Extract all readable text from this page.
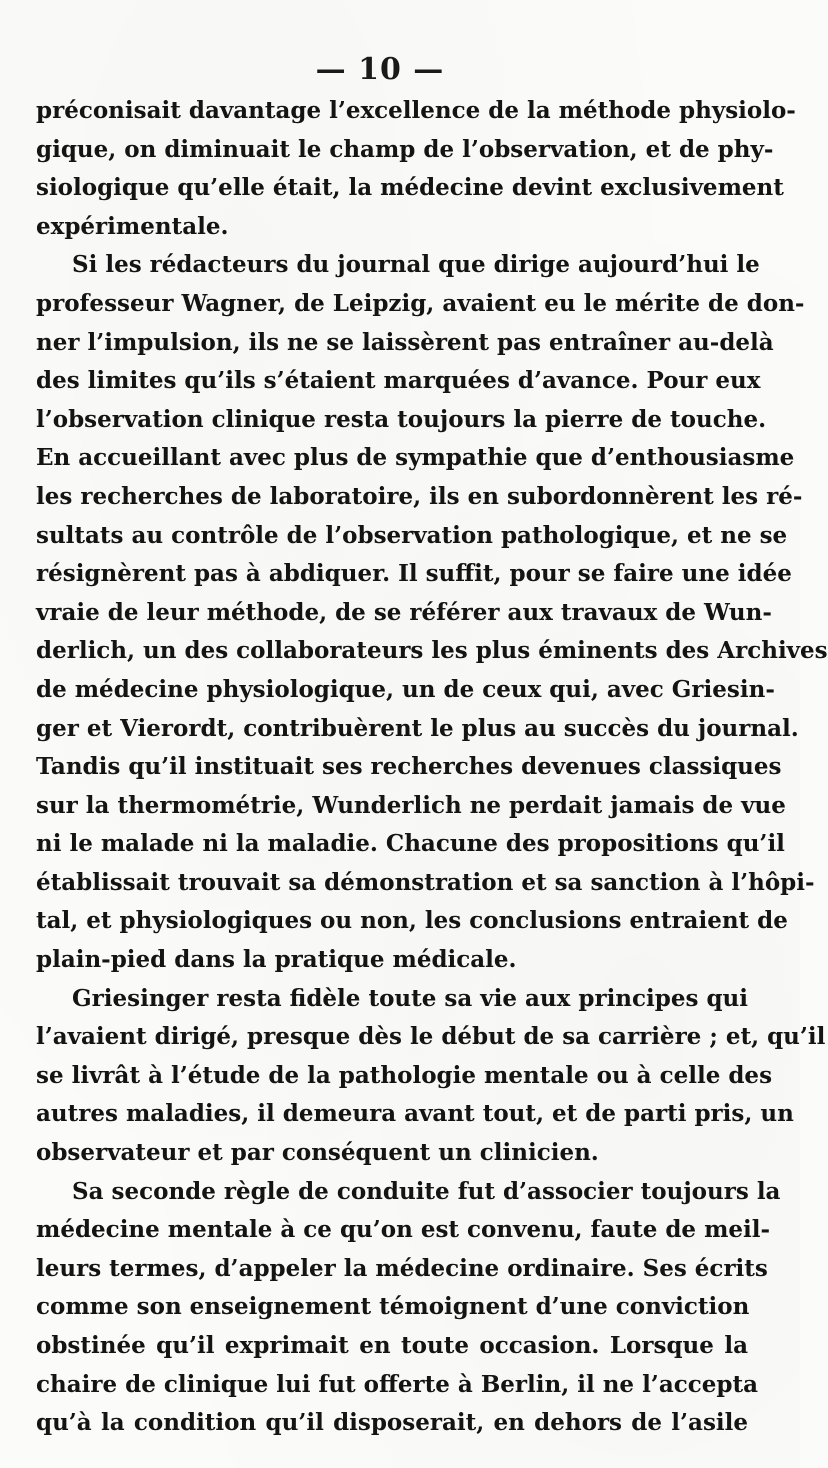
— 10 —
préconisait davantage l’excellence de la méthode physiolo-
gique, on diminuait le champ de l’observation, et de phy-
siologique qu’elle était, la médecine devint exclusivement
expérimentale.
Si les rédacteurs du journal que dirige aujourd’hui le
professeur Wagner, de Leipzig, avaient eu le mérite de don-
ner l’impulsion, ils ne se laissèrent pas entraîner au-delà
des limites qu’ils s’étaient marquées d’avance. Pour eux
l’observation clinique resta toujours la pierre de touche.
En accueillant avec plus de sympathie que d’enthousiasme
les recherches de laboratoire, ils en subordonnèrent les ré-
sultats au contrôle de l’observation pathologique, et ne se
résignèrent pas à abdiquer. Il suffit, pour se faire une idée
vraie de leur méthode, de se référer aux travaux de Wun-
derlich, un des collaborateurs les plus éminents des Archives
de médecine physiologique, un de ceux qui, avec Griesin-
ger et Vierordt, contribuèrent le plus au succès du journal.
Tandis qu’il instituait ses recherches devenues classiques
sur la thermométrie, Wunderlich ne perdait jamais de vue
ni le malade ni la maladie. Chacune des propositions qu’il
établissait trouvait sa démonstration et sa sanction à l’hôpi-
tal, et physiologiques ou non, les conclusions entraient de
plain-pied dans la pratique médicale.
Griesinger resta fidèle toute sa vie aux principes qui
l’avaient dirigé, presque dès le début de sa carrière ; et, qu’il
se livrât à l’étude de la pathologie mentale ou à celle des
autres maladies, il demeura avant tout, et de parti pris, un
observateur et par conséquent un clinicien.
Sa seconde règle de conduite fut d’associer toujours la
médecine mentale à ce qu’on est convenu, faute de meil-
leurs termes, d’appeler la médecine ordinaire. Ses écrits
comme son enseignement témoignent d’une conviction
obstinée qu’il exprimait en toute occasion. Lorsque la
chaire de clinique lui fut offerte à Berlin, il ne l’accepta
qu’à la condition qu’il disposerait, en dehors de l’asile
